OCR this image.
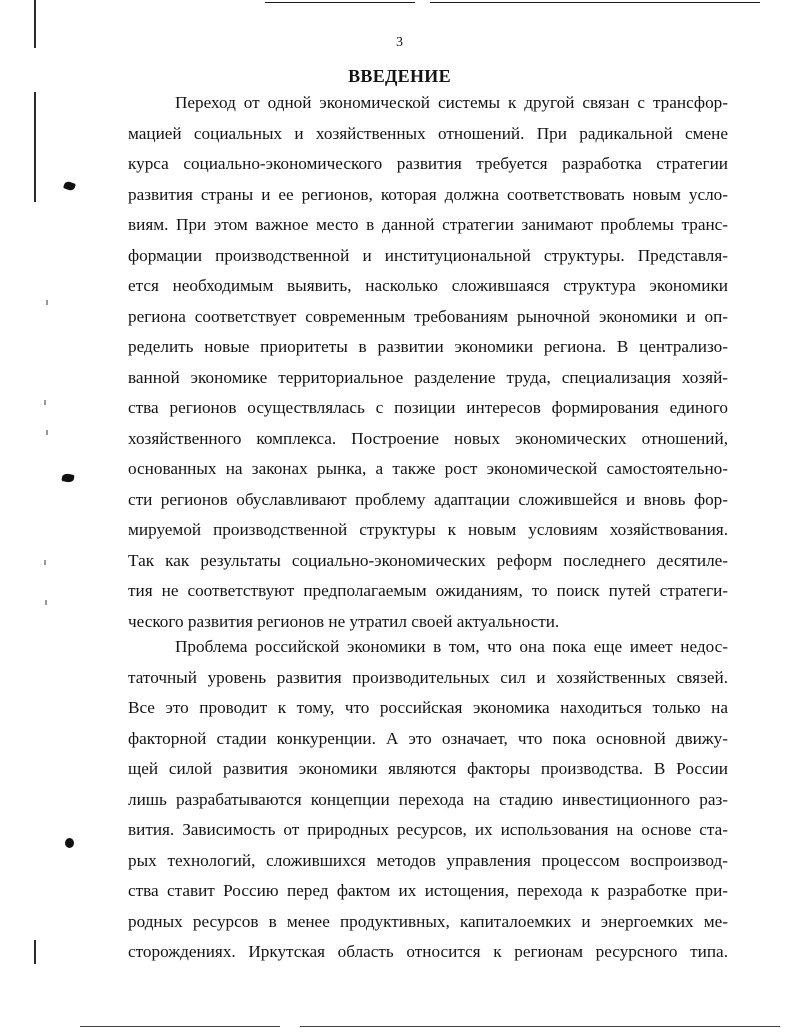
3
ВВЕДЕНИЕ
Переход от одной экономической системы к другой связан с трансфор-
мацией социальных и хозяйственных отношений. При радикальной смене
курса социально-экономического развития требуется разработка стратегии
развития страны и ее регионов, которая должна соответствовать новым усло-
виям. При этом важное место в данной стратегии занимают проблемы транс-
формации производственной и институциональной структуры. Представля-
ется необходимым выявить, насколько сложившаяся структура экономики
региона соответствует современным требованиям рыночной экономики и оп-
ределить новые приоритеты в развитии экономики региона. В централизо-
ванной экономике территориальное разделение труда, специализация хозяй-
ства регионов осуществлялась с позиции интересов формирования единого
хозяйственного комплекса. Построение новых экономических отношений,
основанных на законах рынка, а также рост экономической самостоятельно-
сти регионов обуславливают проблему адаптации сложившейся и вновь фор-
мируемой производственной структуры к новым условиям хозяйствования.
Так как результаты социально-экономических реформ последнего десятиле-
тия не соответствуют предполагаемым ожиданиям, то поиск путей стратеги-
ческого развития регионов не утратил своей актуальности.
Проблема российской экономики в том, что она пока еще имеет недос-
таточный уровень развития производительных сил и хозяйственных связей.
Все это проводит к тому, что российская экономика находиться только на
факторной стадии конкуренции. А это означает, что пока основной движу-
щей силой развития экономики являются факторы производства. В России
лишь разрабатываются концепции перехода на стадию инвестиционного раз-
вития. Зависимость от природных ресурсов, их использования на основе ста-
рых технологий, сложившихся методов управления процессом воспроизвод-
ства ставит Россию перед фактом их истощения, перехода к разработке при-
родных ресурсов в менее продуктивных, капиталоемких и энергоемких ме-
сторождениях. Иркутская область относится к регионам ресурсного типа.
